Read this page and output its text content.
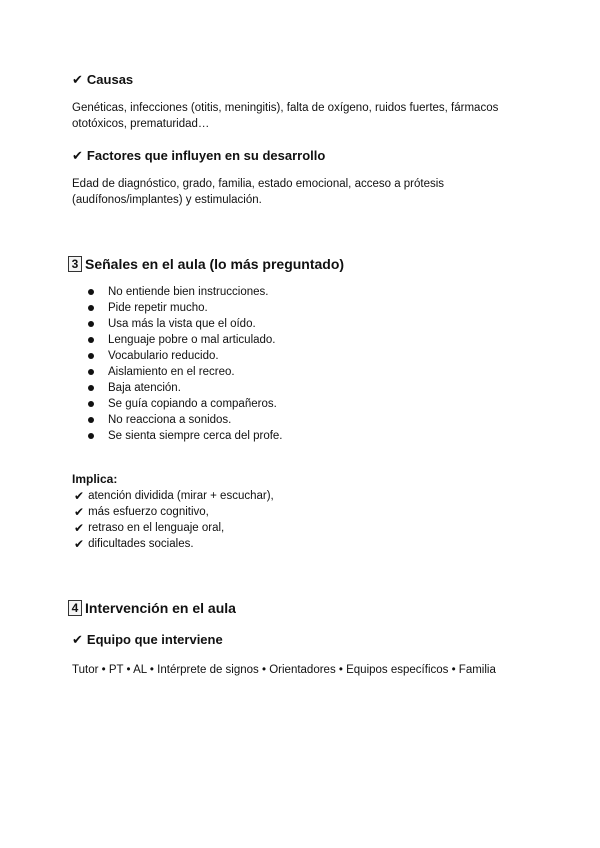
✔ Causas

Genéticas, infecciones (otitis, meningitis), falta de oxígeno, ruidos fuertes, fármacos ototóxicos, prematuridad…

✔ Factores que influyen en su desarrollo

Edad de diagnóstico, grado, familia, estado emocional, acceso a prótesis (audífonos/implantes) y estimulación.

3 Señales en el aula (lo más preguntado)
No entiende bien instrucciones.
Pide repetir mucho.
Usa más la vista que el oído.
Lenguaje pobre o mal articulado.
Vocabulario reducido.
Aislamiento en el recreo.
Baja atención.
Se guía copiando a compañeros.
No reacciona a sonidos.
Se sienta siempre cerca del profe.

Implica:

✔ atención dividida (mirar + escuchar),
✔ más esfuerzo cognitivo,
✔ retraso en el lenguaje oral,
✔ dificultades sociales.
4 Intervención en el aula
✔ Equipo que interviene

Tutor • PT • AL • Intérprete de signos • Orientadores • Equipos específicos • Familia
